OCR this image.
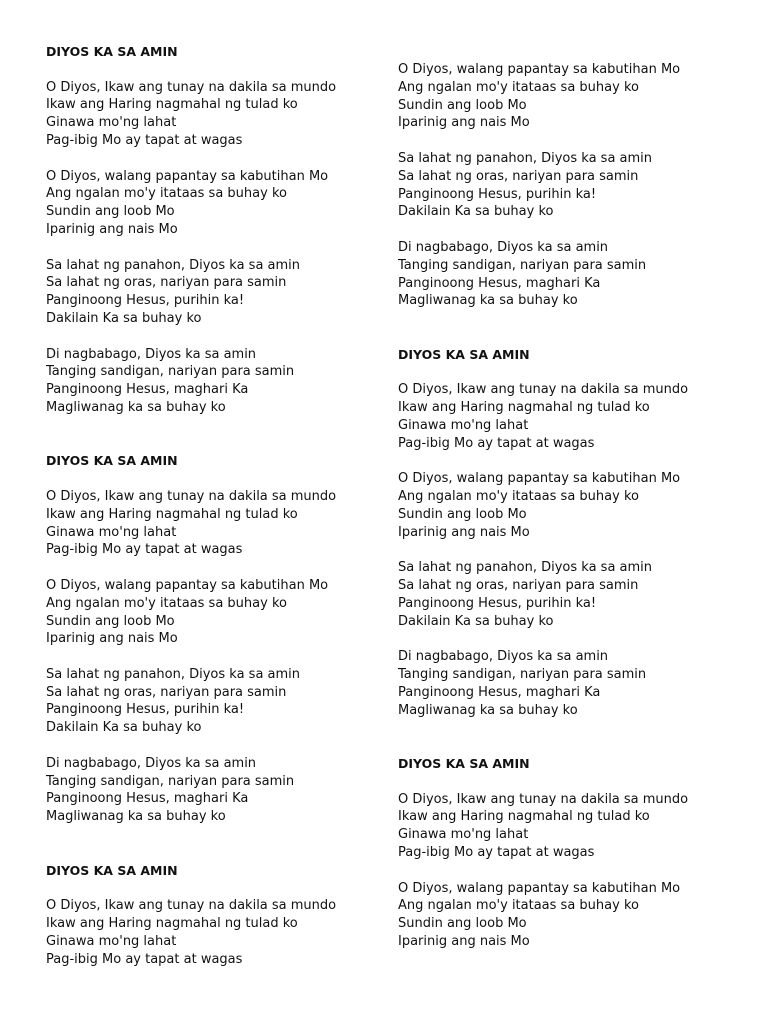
DIYOS KA SA AMIN
O Diyos, Ikaw ang tunay na dakila sa mundo
Ikaw ang Haring nagmahal ng tulad ko
Ginawa mo'ng lahat
Pag-ibig Mo ay tapat at wagas
O Diyos, walang papantay sa kabutihan Mo
Ang ngalan mo'y itataas sa buhay ko
Sundin ang loob Mo
Iparinig ang nais Mo
Sa lahat ng panahon, Diyos ka sa amin
Sa lahat ng oras, nariyan para samin
Panginoong Hesus, purihin ka!
Dakilain Ka sa buhay ko
Di nagbabago, Diyos ka sa amin
Tanging sandigan, nariyan para samin
Panginoong Hesus, maghari Ka
Magliwanag ka sa buhay ko
DIYOS KA SA AMIN
O Diyos, Ikaw ang tunay na dakila sa mundo
Ikaw ang Haring nagmahal ng tulad ko
Ginawa mo'ng lahat
Pag-ibig Mo ay tapat at wagas
O Diyos, walang papantay sa kabutihan Mo
Ang ngalan mo'y itataas sa buhay ko
Sundin ang loob Mo
Iparinig ang nais Mo
Sa lahat ng panahon, Diyos ka sa amin
Sa lahat ng oras, nariyan para samin
Panginoong Hesus, purihin ka!
Dakilain Ka sa buhay ko
Di nagbabago, Diyos ka sa amin
Tanging sandigan, nariyan para samin
Panginoong Hesus, maghari Ka
Magliwanag ka sa buhay ko
DIYOS KA SA AMIN
O Diyos, Ikaw ang tunay na dakila sa mundo
Ikaw ang Haring nagmahal ng tulad ko
Ginawa mo'ng lahat
Pag-ibig Mo ay tapat at wagas
O Diyos, walang papantay sa kabutihan Mo
Ang ngalan mo'y itataas sa buhay ko
Sundin ang loob Mo
Iparinig ang nais Mo
Sa lahat ng panahon, Diyos ka sa amin
Sa lahat ng oras, nariyan para samin
Panginoong Hesus, purihin ka!
Dakilain Ka sa buhay ko
Di nagbabago, Diyos ka sa amin
Tanging sandigan, nariyan para samin
Panginoong Hesus, maghari Ka
Magliwanag ka sa buhay ko
DIYOS KA SA AMIN
O Diyos, Ikaw ang tunay na dakila sa mundo
Ikaw ang Haring nagmahal ng tulad ko
Ginawa mo'ng lahat
Pag-ibig Mo ay tapat at wagas
O Diyos, walang papantay sa kabutihan Mo
Ang ngalan mo'y itataas sa buhay ko
Sundin ang loob Mo
Iparinig ang nais Mo
Sa lahat ng panahon, Diyos ka sa amin
Sa lahat ng oras, nariyan para samin
Panginoong Hesus, purihin ka!
Dakilain Ka sa buhay ko
Di nagbabago, Diyos ka sa amin
Tanging sandigan, nariyan para samin
Panginoong Hesus, maghari Ka
Magliwanag ka sa buhay ko
DIYOS KA SA AMIN
O Diyos, Ikaw ang tunay na dakila sa mundo
Ikaw ang Haring nagmahal ng tulad ko
Ginawa mo'ng lahat
Pag-ibig Mo ay tapat at wagas
O Diyos, walang papantay sa kabutihan Mo
Ang ngalan mo'y itataas sa buhay ko
Sundin ang loob Mo
Iparinig ang nais Mo
